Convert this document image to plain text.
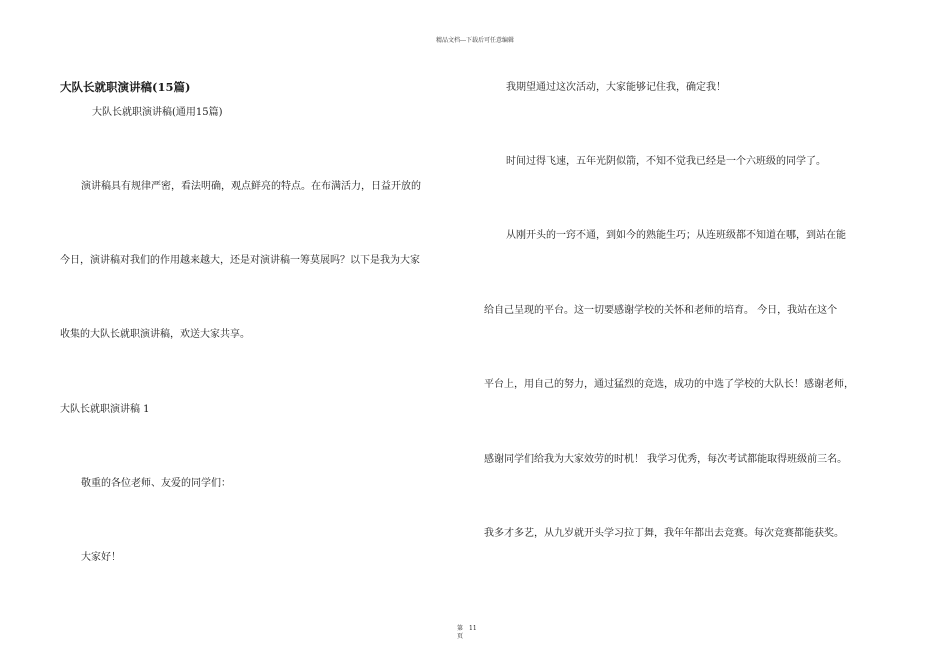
精品文档---下载后可任意编辑
大队长就职演讲稿(15篇)
大队长就职演讲稿(通用15篇)
演讲稿具有规律严密，看法明确，观点鲜亮的特点。在布满活力，日益开放的
今日，演讲稿对我们的作用越来越大，还是对演讲稿一筹莫展吗？以下是我为大家
收集的大队长就职演讲稿，欢送大家共享。
大队长就职演讲稿 1
敬重的各位老师、友爱的同学们：
大家好！
我期望通过这次活动，大家能够记住我，确定我！
时间过得飞速，五年光阴似箭，不知不觉我已经是一个六班级的同学了。
从刚开头的一窍不通，到如今的熟能生巧；从连班级都不知道在哪，到站在能
给自己呈现的平台。这一切要感谢学校的关怀和老师的培育。 今日，我站在这个
平台上，用自己的努力，通过猛烈的竞选，成功的中选了学校的大队长！感谢老师，
感谢同学们给我为大家效劳的时机！ 我学习优秀，每次考试都能取得班级前三名。
我多才多艺，从九岁就开头学习拉丁舞，我年年都出去竞赛。每次竞赛都能获奖。
第
页
11
